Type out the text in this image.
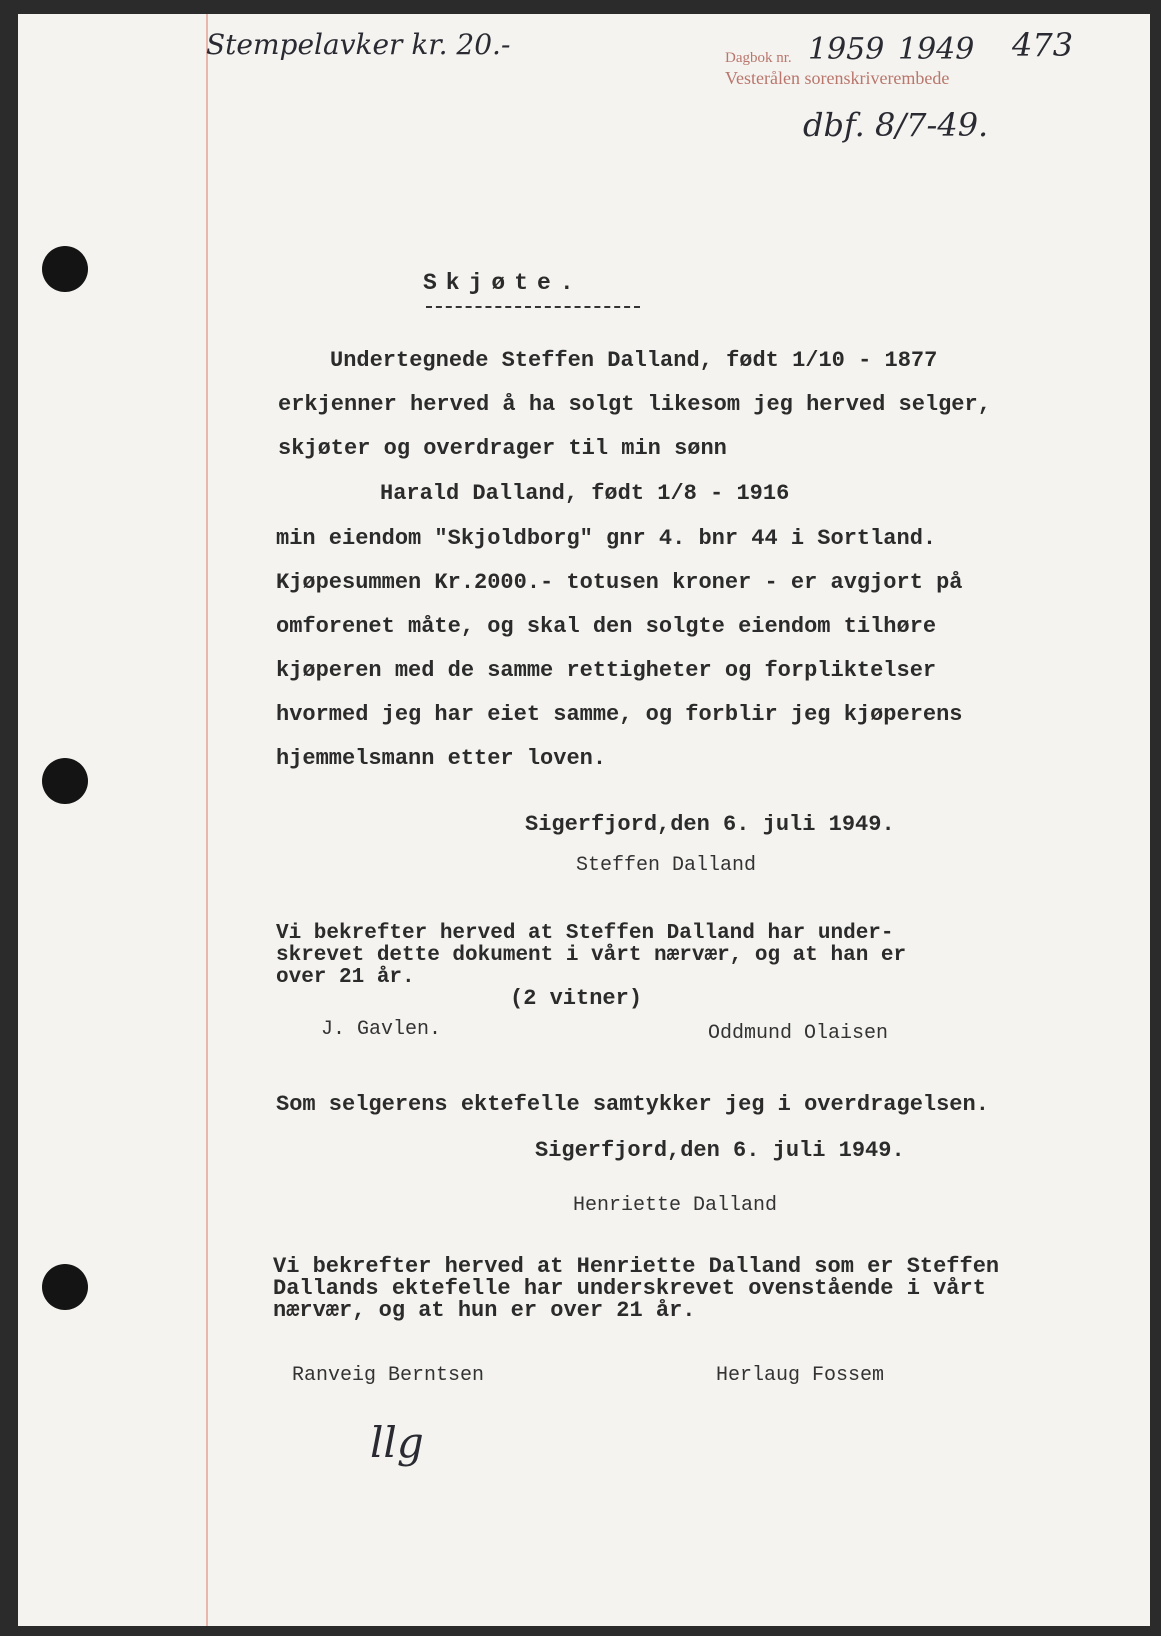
Stempelavker kr. 20.-	Dagbok nr. 1959 1949
Vesterålen sorenskriverembede
473
dbf. 8/7-49.
Skjøte.
Undertegnede Steffen Dalland, født 1/10 - 1877
erkjenner herved å ha solgt likesom jeg herved selger,
skjøter og overdrager til min sønn
Harald Dalland, født 1/8 - 1916
min eiendom "Skjoldborg" gnr 4. bnr 44 i Sortland.
Kjøpesummen Kr.2000.- totusen kroner - er avgjort på
omforenet måte, og skal den solgte eiendom tilhøre
kjøperen med de samme rettigheter og forpliktelser
hvormed jeg har eiet samme, og forblir jeg kjøperens
hjemmelsmann etter loven.
Sigerfjord,den 6. juli 1949.
Steffen Dalland
Vi bekrefter herved at Steffen Dalland har under-
skrevet dette dokument i vårt nærvær, og at han er
over 21 år.
(2 vitner)
J. Gavlen.	Oddmund Olaisen
Som selgerens ektefelle samtykker jeg i overdragelsen.
Sigerfjord,den 6. juli 1949.
Henriette Dalland
Vi bekrefter herved at Henriette Dalland som er Steffen
Dallands ektefelle har underskrevet ovenstående i vårt
nærvær, og at hun er over 21 år.
Ranveig Berntsen	Herlaug Fossem
llg
